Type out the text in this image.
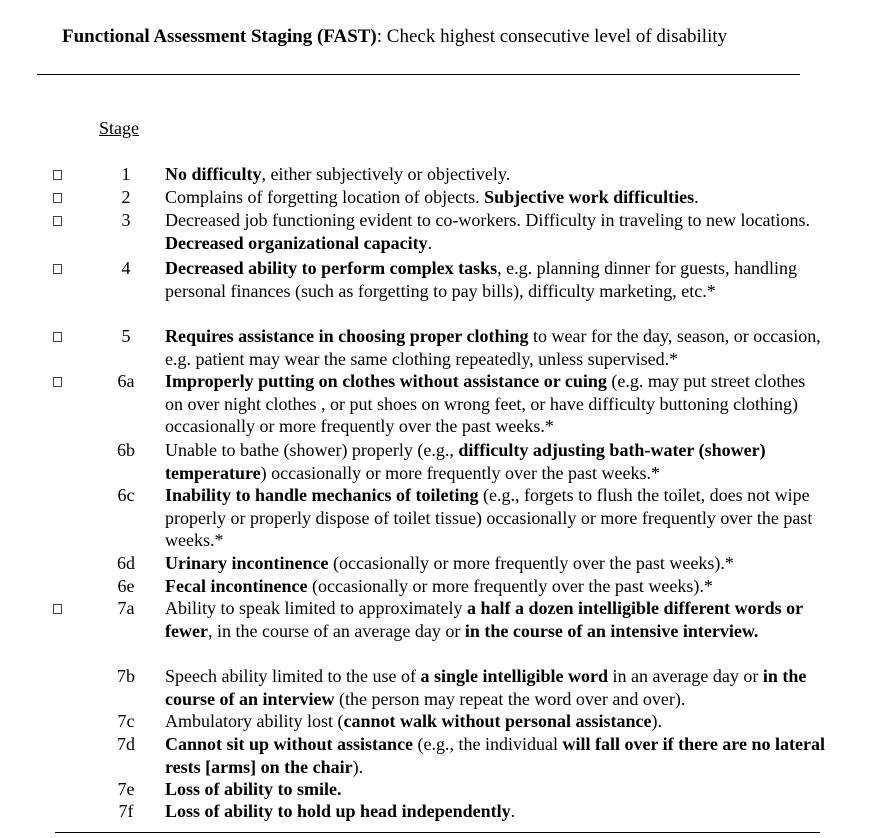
Functional Assessment Staging (FAST): Check highest consecutive level of disability
Stage
1	No difficulty, either subjectively or objectively.
2	Complains of forgetting location of objects. Subjective work difficulties.
3	Decreased job functioning evident to co-workers. Difficulty in traveling to new locations. Decreased organizational capacity.
4	Decreased ability to perform complex tasks, e.g. planning dinner for guests, handling personal finances (such as forgetting to pay bills), difficulty marketing, etc.*
5	Requires assistance in choosing proper clothing to wear for the day, season, or occasion, e.g. patient may wear the same clothing repeatedly, unless supervised.*
6a	Improperly putting on clothes without assistance or cuing (e.g. may put street clothes on over night clothes , or put shoes on wrong feet, or have difficulty buttoning clothing) occasionally or more frequently over the past weeks.*
6b	Unable to bathe (shower) properly (e.g., difficulty adjusting bath-water (shower) temperature) occasionally or more frequently over the past weeks.*
6c	Inability to handle mechanics of toileting (e.g., forgets to flush the toilet, does not wipe properly or properly dispose of toilet tissue) occasionally or more frequently over the past weeks.*
6d	Urinary incontinence (occasionally or more frequently over the past weeks).*
6e	Fecal incontinence (occasionally or more frequently over the past weeks).*
7a	Ability to speak limited to approximately a half a dozen intelligible different words or fewer, in the course of an average day or in the course of an intensive interview.
7b	Speech ability limited to the use of a single intelligible word in an average day or in the course of an interview (the person may repeat the word over and over).
7c	Ambulatory ability lost (cannot walk without personal assistance).
7d	Cannot sit up without assistance (e.g., the individual will fall over if there are no lateral rests [arms] on the chair).
7e	Loss of ability to smile.
7f	Loss of ability to hold up head independently.
